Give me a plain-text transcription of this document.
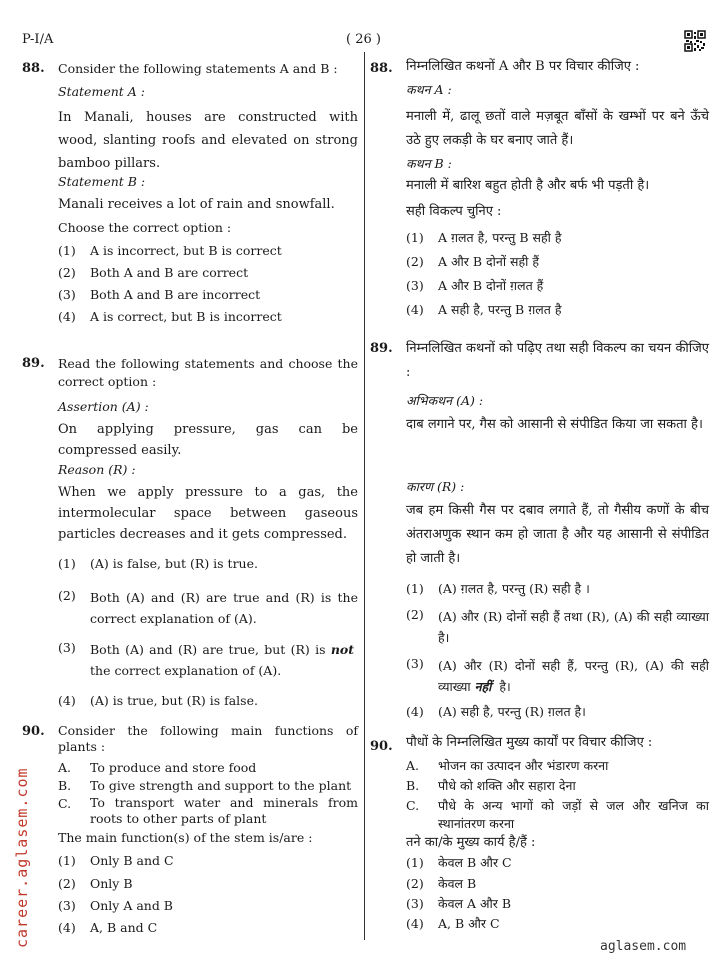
P-I/A	( 26 )
88. Consider the following statements A and B :
Statement A :
In Manali, houses are constructed with wood, slanting roofs and elevated on strong bamboo pillars.
Statement B :
Manali receives a lot of rain and snowfall.
Choose the correct option :
(1) A is incorrect, but B is correct
(2) Both A and B are correct
(3) Both A and B are incorrect
(4) A is correct, but B is incorrect
89. Read the following statements and choose the correct option :
Assertion (A) :
On applying pressure, gas can be compressed easily.
Reason (R) :
When we apply pressure to a gas, the intermolecular space between gaseous particles decreases and it gets compressed.
(1) (A) is false, but (R) is true.
(2) Both (A) and (R) are true and (R) is the correct explanation of (A).
(3) Both (A) and (R) are true, but (R) is not  the correct explanation of (A).
(4) (A) is true, but (R) is false.
90. Consider the following main functions of plants :
A. To produce and store food
B. To give strength and support to the plant
C. To transport water and minerals from roots to other parts of plant
The main function(s) of the stem is/are :
(1) Only B and C
(2) Only B
(3) Only A and B
(4) A, B and C
88. निम्नलिखित कथनों A और B पर विचार कीजिए :
कथन A :
मनाली में, ढालू छतों वाले मज़बूत बाँसों के खम्भों पर बने ऊँचे उठे हुए लकड़ी के घर बनाए जाते हैं।
कथन B :
मनाली में बारिश बहुत होती है और बर्फ भी पड़ती है।
सही विकल्प चुनिए :
(1) A ग़लत है, परन्तु B सही है
(2) A और B दोनों सही हैं
(3) A और B दोनों ग़लत हैं
(4) A सही है, परन्तु B ग़लत है
89. निम्नलिखित कथनों को पढ़िए तथा सही विकल्प का चयन कीजिए :
अभिकथन (A) :
दाब लगाने पर, गैस को आसानी से संपीडित किया जा सकता है।
कारण (R) :
जब हम किसी गैस पर दबाव लगाते हैं, तो गैसीय कणों के बीच अंतराअणुक स्थान कम हो जाता है और यह आसानी से संपीडित हो जाती है।
(1) (A) ग़लत है, परन्तु (R) सही है ।
(2) (A) और (R) दोनों सही हैं तथा (R), (A) की सही व्याख्या है।
(3) (A) और (R) दोनों सही हैं, परन्तु (R), (A) की सही व्याख्या नहीं है।
(4) (A) सही है, परन्तु (R) ग़लत है।
90. पौधों के निम्नलिखित मुख्य कार्यों पर विचार कीजिए :
A. भोजन का उत्पादन और भंडारण करना
B. पौधे को शक्ति और सहारा देना
C. पौधे के अन्य भागों को जड़ों से जल और खनिज का स्थानांतरण करना
तने का/के मुख्य कार्य है/हैं :
(1) केवल B और C
(2) केवल B
(3) केवल A और B
(4) A, B और C
career.aglasem.com	aglasem.com
